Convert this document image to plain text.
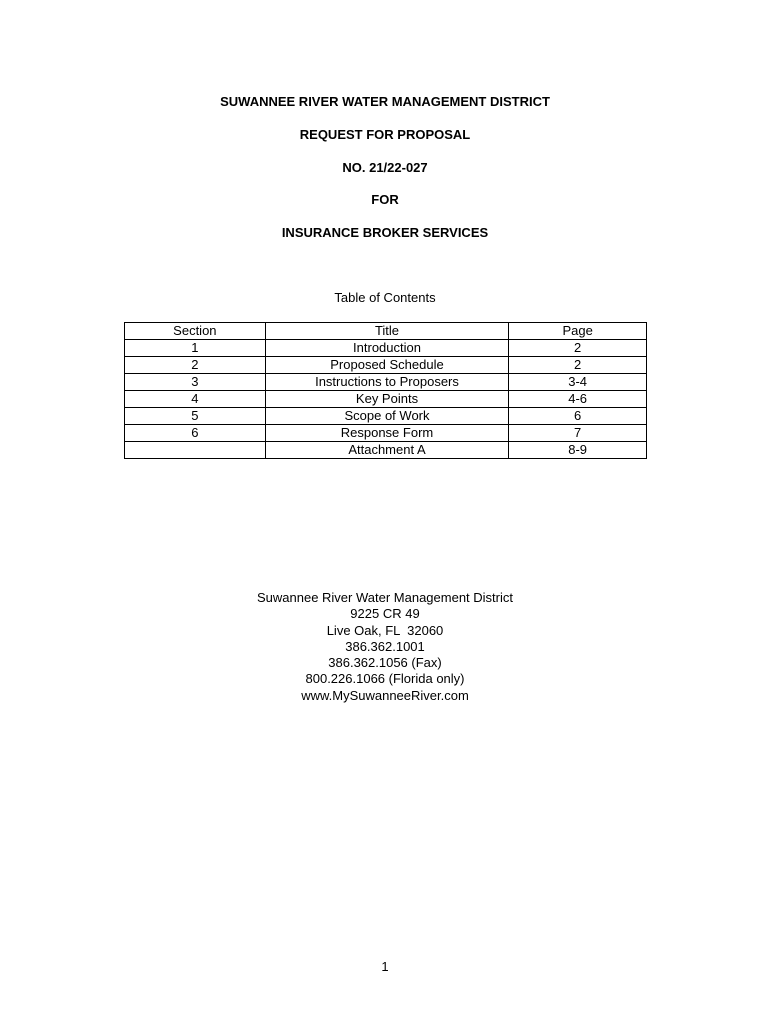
SUWANNEE RIVER WATER MANAGEMENT DISTRICT
REQUEST FOR PROPOSAL
NO. 21/22-027
FOR
INSURANCE BROKER SERVICES
Table of Contents
Section	Title	Page
1	Introduction	2
2	Proposed Schedule	2
3	Instructions to Proposers	3-4
4	Key Points	4-6
5	Scope of Work	6
6	Response Form	7
	Attachment A	8-9
Suwannee River Water Management District
9225 CR 49
Live Oak, FL  32060
386.362.1001
386.362.1056 (Fax)
800.226.1066 (Florida only)
www.MySuwanneeRiver.com
1
